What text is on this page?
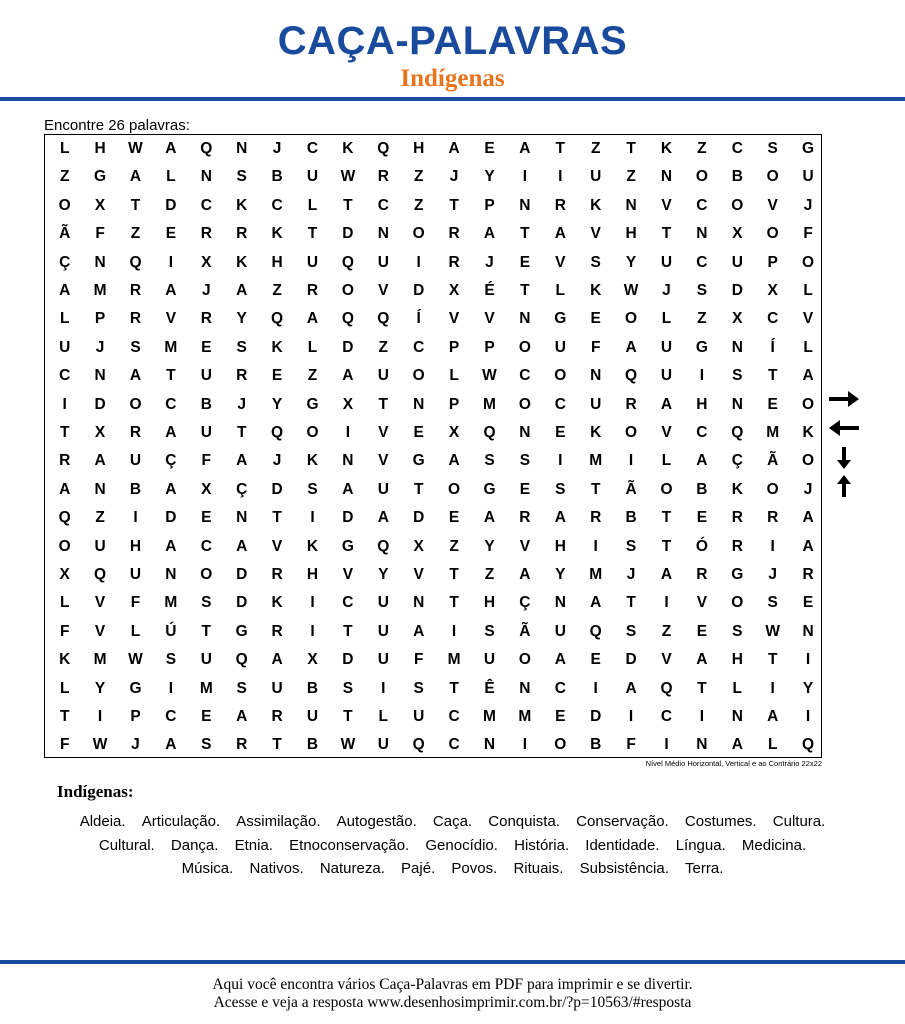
CAÇA-PALAVRAS
Indígenas
Encontre 26 palavras:
L	H	W	A	Q	N	J	C	K	Q	H	A	E	A	T	Z	T	K	Z	C	S	G
Z	G	A	L	N	S	B	U	W	R	Z	J	Y	I	I	U	Z	N	O	B	O	U
O	X	T	D	C	K	C	L	T	C	Z	T	P	N	R	K	N	V	C	O	V	J
Ã	F	Z	E	R	R	K	T	D	N	O	R	A	T	A	V	H	T	N	X	O	F
Ç	N	Q	I	X	K	H	U	Q	U	I	R	J	E	V	S	Y	U	C	U	P	O
A	M	R	A	J	A	Z	R	O	V	D	X	É	T	L	K	W	J	S	D	X	L
L	P	R	V	R	Y	Q	A	Q	Q	Í	V	V	N	G	E	O	L	Z	X	C	V
U	J	S	M	E	S	K	L	D	Z	C	P	P	O	U	F	A	U	G	N	Í	L
C	N	A	T	U	R	E	Z	A	U	O	L	W	C	O	N	Q	U	I	S	T	A
I	D	O	C	B	J	Y	G	X	T	N	P	M	O	C	U	R	A	H	N	E	O
T	X	R	A	U	T	Q	O	I	V	E	X	Q	N	E	K	O	V	C	Q	M	K
R	A	U	Ç	F	A	J	K	N	V	G	A	S	S	I	M	I	L	A	Ç	Ã	O
A	N	B	A	X	Ç	D	S	A	U	T	O	G	E	S	T	Ã	O	B	K	O	J
Q	Z	I	D	E	N	T	I	D	A	D	E	A	R	A	R	B	T	E	R	R	A
O	U	H	A	C	A	V	K	G	Q	X	Z	Y	V	H	I	S	T	Ó	R	I	A
X	Q	U	N	O	D	R	H	V	Y	V	T	Z	A	Y	M	J	A	R	G	J	R
L	V	F	M	S	D	K	I	C	U	N	T	H	Ç	N	A	T	I	V	O	S	E
F	V	L	Ú	T	G	R	I	T	U	A	I	S	Ã	U	Q	S	Z	E	S	W	N
K	M	W	S	U	Q	A	X	D	U	F	M	U	O	A	E	D	V	A	H	T	I
L	Y	G	I	M	S	U	B	S	I	S	T	Ê	N	C	I	A	Q	T	L	I	Y
T	I	P	C	E	A	R	U	T	L	U	C	M	M	E	D	I	C	I	N	A	I
F	W	J	A	S	R	T	B	W	U	Q	C	N	I	O	B	F	I	N	A	L	Q
Nível Médio Horizontal, Vertical e ao Contrário 22x22
Indígenas:
Aldeia. Articulação. Assimilação. Autogestão. Caça. Conquista. Conservação. Costumes. Cultura. Cultural. Dança. Etnia. Etnoconservação. Genocídio. História. Identidade. Língua. Medicina. Música. Nativos. Natureza. Pajé. Povos. Rituais. Subsistência. Terra.
Aqui você encontra vários Caça-Palavras em PDF para imprimir e se divertir.
Acesse e veja a resposta www.desenhosimprimir.com.br/?p=10563/#resposta
